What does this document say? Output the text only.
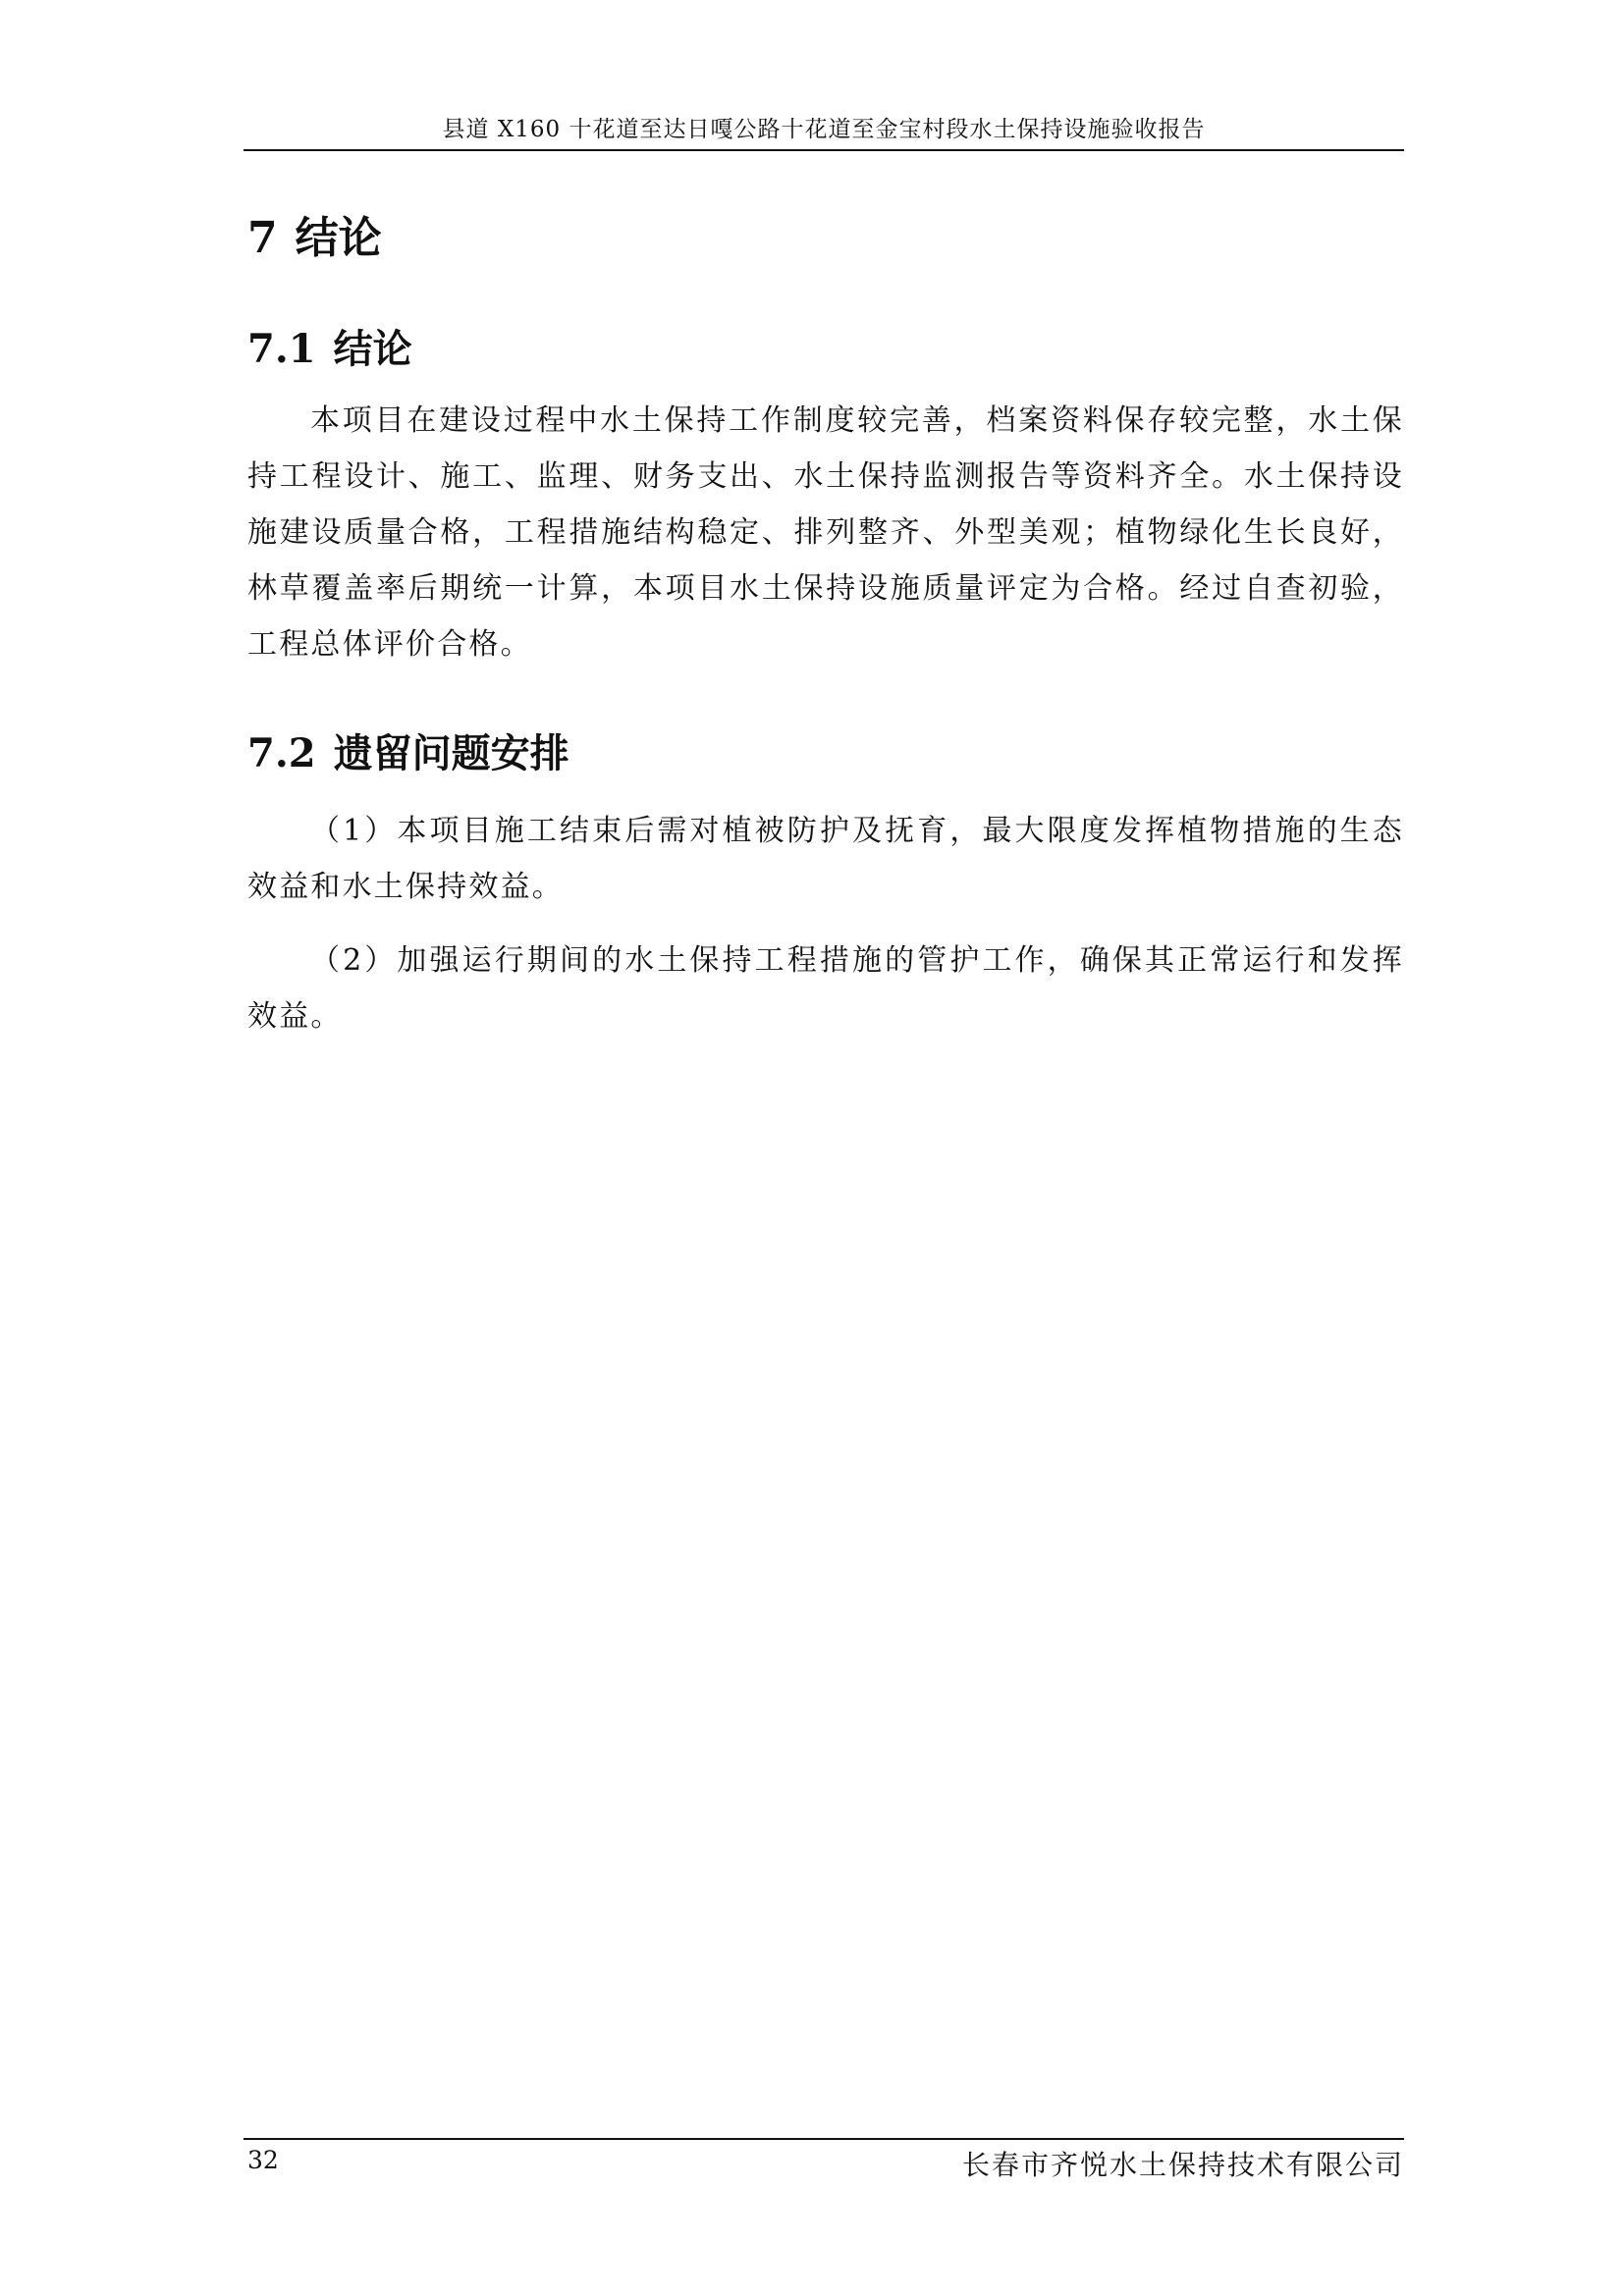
县道 X160 十花道至达日嘎公路十花道至金宝村段水土保持设施验收报告
7 结论
7.1 结论

本项目在建设过程中水土保持工作制度较完善，档案资料保存较完整，水土保持工程设计、施工、监理、财务支出、水土保持监测报告等资料齐全。水土保持设施建设质量合格，工程措施结构稳定、排列整齐、外型美观；植物绿化生长良好，林草覆盖率后期统一计算，本项目水土保持设施质量评定为合格。经过自查初验，工程总体评价合格。

7.2 遗留问题安排

（1）本项目施工结束后需对植被防护及抚育，最大限度发挥植物措施的生态效益和水土保持效益。

（2）加强运行期间的水土保持工程措施的管护工作，确保其正常运行和发挥效益。

32	长春市齐悦水土保持技术有限公司
